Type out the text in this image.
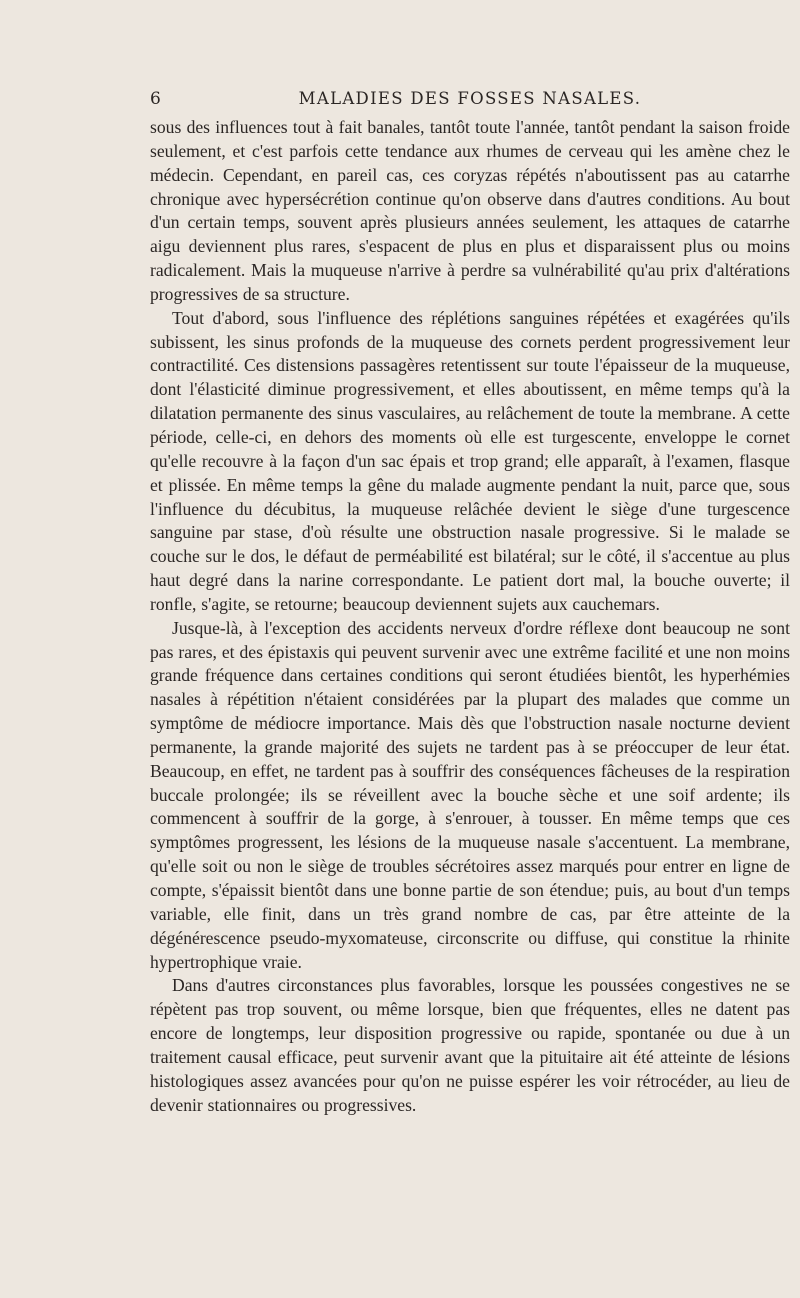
6	MALADIES DES FOSSES NASALES.

sous des influences tout à fait banales, tantôt toute l'année, tantôt pendant la saison froide seulement, et c'est parfois cette tendance aux rhumes de cerveau qui les amène chez le médecin. Cependant, en pareil cas, ces coryzas répétés n'aboutissent pas au catarrhe chronique avec hypersécrétion continue qu'on observe dans d'autres conditions. Au bout d'un certain temps, souvent après plusieurs années seulement, les attaques de catarrhe aigu deviennent plus rares, s'espacent de plus en plus et disparaissent plus ou moins radicalement. Mais la muqueuse n'arrive à perdre sa vulnérabilité qu'au prix d'altérations progressives de sa structure.

Tout d'abord, sous l'influence des réplétions sanguines répétées et exagérées qu'ils subissent, les sinus profonds de la muqueuse des cornets perdent progressivement leur contractilité. Ces distensions passagères retentissent sur toute l'épaisseur de la muqueuse, dont l'élasticité diminue progressivement, et elles aboutissent, en même temps qu'à la dilatation permanente des sinus vasculaires, au relâchement de toute la membrane. A cette période, celle-ci, en dehors des moments où elle est turgescente, enveloppe le cornet qu'elle recouvre à la façon d'un sac épais et trop grand; elle apparaît, à l'examen, flasque et plissée. En même temps la gêne du malade augmente pendant la nuit, parce que, sous l'influence du décubitus, la muqueuse relâchée devient le siège d'une turgescence sanguine par stase, d'où résulte une obstruction nasale progressive. Si le malade se couche sur le dos, le défaut de perméabilité est bilatéral; sur le côté, il s'accentue au plus haut degré dans la narine correspondante. Le patient dort mal, la bouche ouverte; il ronfle, s'agite, se retourne; beaucoup deviennent sujets aux cauchemars.

Jusque-là, à l'exception des accidents nerveux d'ordre réflexe dont beaucoup ne sont pas rares, et des épistaxis qui peuvent survenir avec une extrême facilité et une non moins grande fréquence dans certaines conditions qui seront étudiées bientôt, les hyperhémies nasales à répétition n'étaient considérées par la plupart des malades que comme un symptôme de médiocre importance. Mais dès que l'obstruction nasale nocturne devient permanente, la grande majorité des sujets ne tardent pas à se préoccuper de leur état. Beaucoup, en effet, ne tardent pas à souffrir des conséquences fâcheuses de la respiration buccale prolongée; ils se réveillent avec la bouche sèche et une soif ardente; ils commencent à souffrir de la gorge, à s'enrouer, à tousser. En même temps que ces symptômes progressent, les lésions de la muqueuse nasale s'accentuent. La membrane, qu'elle soit ou non le siège de troubles sécrétoires assez marqués pour entrer en ligne de compte, s'épaissit bientôt dans une bonne partie de son étendue; puis, au bout d'un temps variable, elle finit, dans un très grand nombre de cas, par être atteinte de la dégénérescence pseudo-myxomateuse, circonscrite ou diffuse, qui constitue la rhinite hypertrophique vraie.

Dans d'autres circonstances plus favorables, lorsque les poussées congestives ne se répètent pas trop souvent, ou même lorsque, bien que fréquentes, elles ne datent pas encore de longtemps, leur disposition progressive ou rapide, spontanée ou due à un traitement causal efficace, peut survenir avant que la pituitaire ait été atteinte de lésions histologiques assez avancées pour qu'on ne puisse espérer les voir rétrocéder, au lieu de devenir stationnaires ou progressives.
